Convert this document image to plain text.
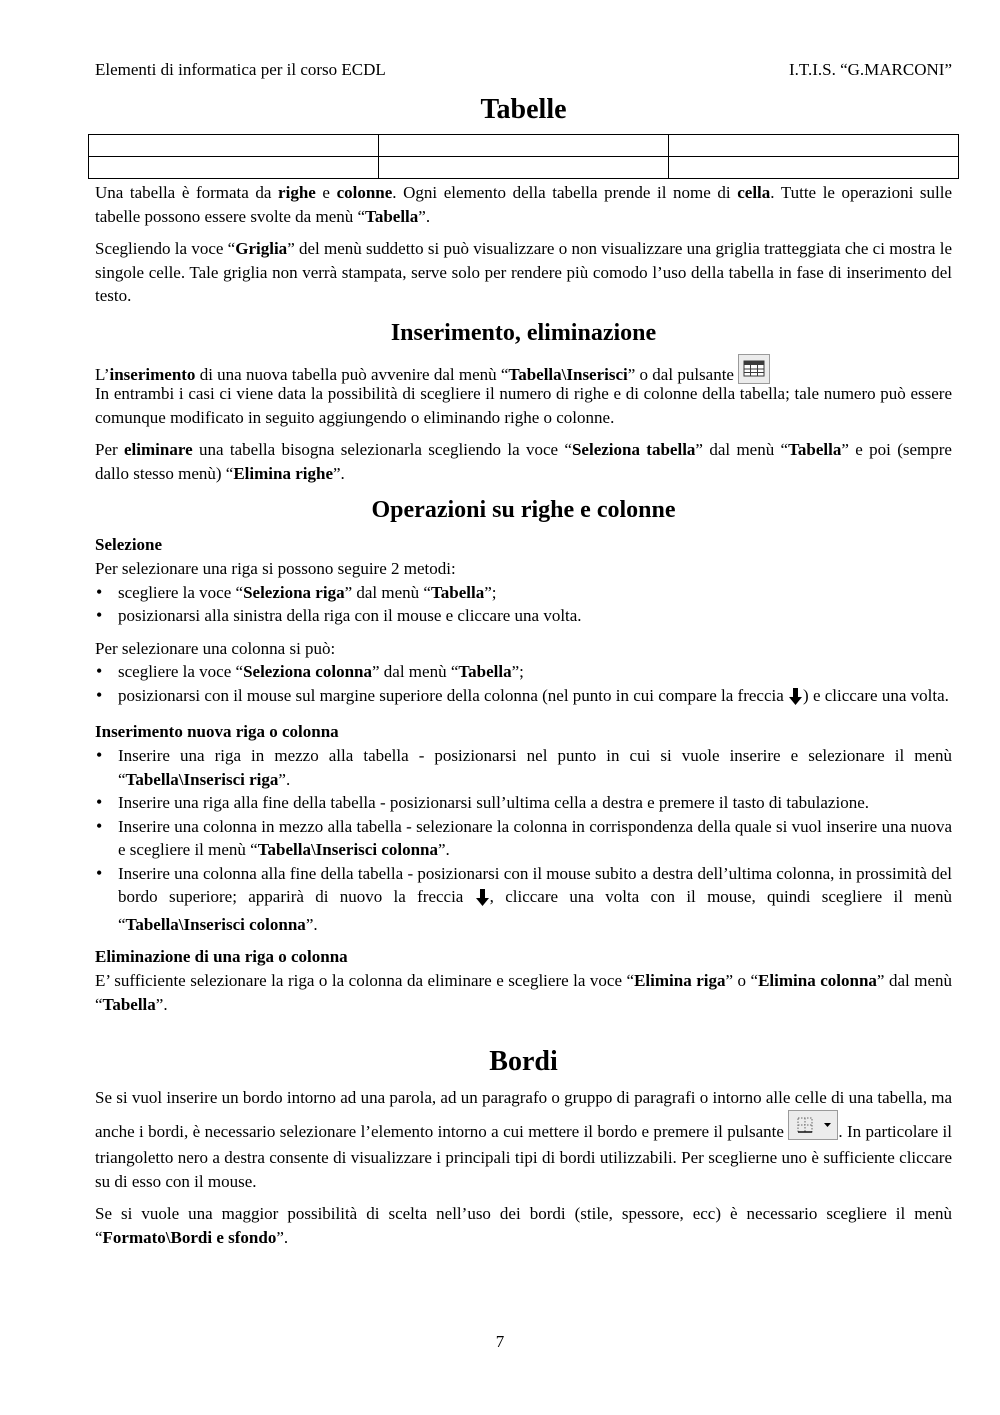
Elementi di informatica per il corso ECDL	I.T.I.S. “G.MARCONI”
Tabelle

Una tabella è formata da righe e colonne. Ogni elemento della tabella prende il nome di cella. Tutte le operazioni sulle tabelle possono essere svolte da menù “Tabella”.

Scegliendo la voce “Griglia” del menù suddetto si può visualizzare o non visualizzare una griglia tratteggiata che ci mostra le singole celle. Tale griglia non verrà stampata, serve solo per rendere più comodo l’uso della tabella in fase di inserimento del testo.

Inserimento, eliminazione

L’inserimento di una nuova tabella può avvenire dal menù “Tabella\Inserisci” o dal pulsante

In entrambi i casi ci viene data la possibilità di scegliere il numero di righe e di colonne della tabella; tale numero può essere comunque modificato in seguito aggiungendo o eliminando righe o colonne.

Per eliminare una tabella bisogna selezionarla scegliendo la voce “Seleziona tabella” dal menù “Tabella” e poi (sempre dallo stesso menù) “Elimina righe”.

Operazioni su righe e colonne
Selezione

Per selezionare una riga si possono seguire 2 metodi:

• scegliere la voce “Seleziona riga” dal menù “Tabella”;
• posizionarsi alla sinistra della riga con il mouse e cliccare una volta.

Per selezionare una colonna si può:

• scegliere la voce “Seleziona colonna” dal menù “Tabella”;
• posizionarsi con il mouse sul margine superiore della colonna (nel punto in cui compare la freccia ) e cliccare una volta.
Inserimento nuova riga o colonna
• Inserire una riga in mezzo alla tabella - posizionarsi nel punto in cui si vuole inserire e selezionare il menù “Tabella\Inserisci riga”.
• Inserire una riga alla fine della tabella - posizionarsi sull’ultima cella a destra e premere il tasto di tabulazione.
• Inserire una colonna in mezzo alla tabella - selezionare la colonna in corrispondenza della quale si vuol inserire una nuova e scegliere il menù “Tabella\Inserisci colonna”.
• Inserire una colonna alla fine della tabella - posizionarsi con il mouse subito a destra dell’ultima colonna, in prossimità del bordo superiore; apparirà di nuovo la freccia , cliccare una volta con il mouse, quindi scegliere il menù “Tabella\Inserisci colonna”.
Eliminazione di una riga o colonna

E’ sufficiente selezionare la riga o la colonna da eliminare e scegliere la voce “Elimina riga” o “Elimina colonna” dal menù “Tabella”.

Bordi

Se si vuol inserire un bordo intorno ad una parola, ad un paragrafo o gruppo di paragrafi o intorno alle celle di una tabella, ma anche i bordi, è necessario selezionare l’elemento intorno a cui mettere il bordo e premere il pulsante	. In particolare il triangoletto nero a destra consente di visualizzare i principali tipi di bordi utilizzabili. Per sceglierne uno è sufficiente cliccare su di esso con il mouse.

Se si vuole una maggior possibilità di scelta nell’uso dei bordi (stile, spessore, ecc) è necessario scegliere il menù “Formato\Bordi e sfondo”.

7
